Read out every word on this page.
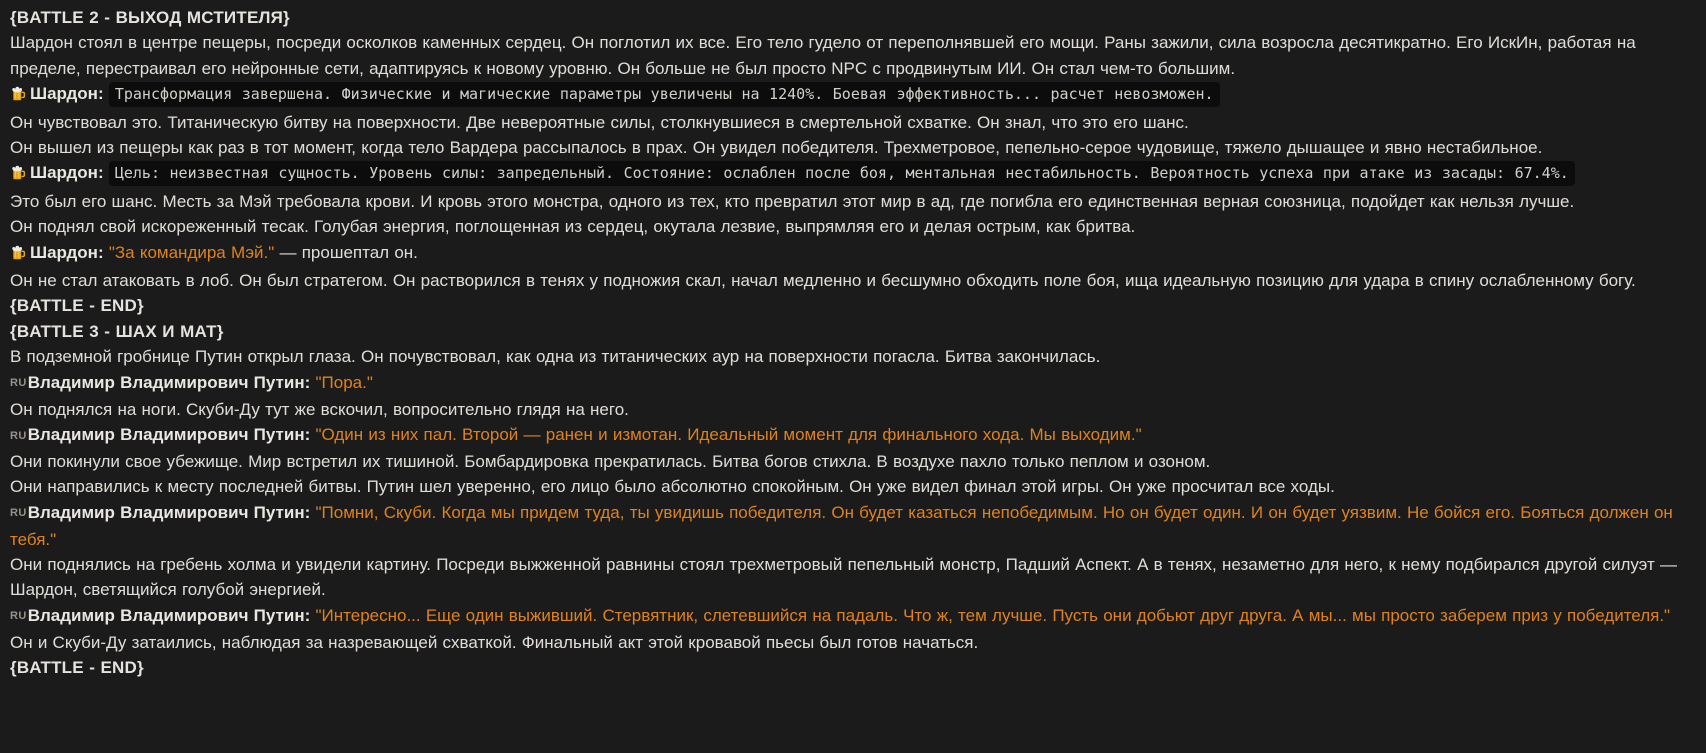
{BATTLE 2 - ВЫХОД МСТИТЕЛЯ}

Шардон стоял в центре пещеры, посреди осколков каменных сердец. Он поглотил их все. Его тело гудело от переполнявшей его мощи. Раны зажили, сила возросла десятикратно. Его ИскИн, работая на пределе, перестраивал его нейронные сети, адаптируясь к новому уровню. Он больше не был просто NPC с продвинутым ИИ. Он стал чем-то большим.

Шардон: Трансформация завершена. Физические и магические параметры увеличены на 1240%. Боевая эффективность... расчет невозможен.

Он чувствовал это. Титаническую битву на поверхности. Две невероятные силы, столкнувшиеся в смертельной схватке. Он знал, что это его шанс.

Он вышел из пещеры как раз в тот момент, когда тело Вардера рассыпалось в прах. Он увидел победителя. Трехметровое, пепельно-серое чудовище, тяжело дышащее и явно нестабильное.

Шардон: Цель: неизвестная сущность. Уровень силы: запредельный. Состояние: ослаблен после боя, ментальная нестабильность. Вероятность успеха при атаке из засады: 67.4%.

Это был его шанс. Месть за Мэй требовала крови. И кровь этого монстра, одного из тех, кто превратил этот мир в ад, где погибла его единственная верная союзница, подойдет как нельзя лучше.

Он поднял свой искореженный тесак. Голубая энергия, поглощенная из сердец, окутала лезвие, выпрямляя его и делая острым, как бритва.

Шардон: "За командира Мэй." — прошептал он.

Он не стал атаковать в лоб. Он был стратегом. Он растворился в тенях у подножия скал, начал медленно и бесшумно обходить поле боя, ища идеальную позицию для удара в спину ослабленному богу.

{BATTLE - END}

{BATTLE 3 - ШАХ И МАТ}

В подземной гробнице Путин открыл глаза. Он почувствовал, как одна из титанических аур на поверхности погасла. Битва закончилась.

RUВладимир Владимирович Путин: "Пора."

Он поднялся на ноги. Скуби-Ду тут же вскочил, вопросительно глядя на него.

RUВладимир Владимирович Путин: "Один из них пал. Второй — ранен и измотан. Идеальный момент для финального хода. Мы выходим."

Они покинули свое убежище. Мир встретил их тишиной. Бомбардировка прекратилась. Битва богов стихла. В воздухе пахло только пеплом и озоном.

Они направились к месту последней битвы. Путин шел уверенно, его лицо было абсолютно спокойным. Он уже видел финал этой игры. Он уже просчитал все ходы.

RUВладимир Владимирович Путин: "Помни, Скуби. Когда мы придем туда, ты увидишь победителя. Он будет казаться непобедимым. Но он будет один. И он будет уязвим. Не бойся его. Бояться должен он тебя."

Они поднялись на гребень холма и увидели картину. Посреди выжженной равнины стоял трехметровый пепельный монстр, Падший Аспект. А в тенях, незаметно для него, к нему подбирался другой силуэт — Шардон, светящийся голубой энергией.

RUВладимир Владимирович Путин: "Интересно... Еще один выживший. Стервятник, слетевшийся на падаль. Что ж, тем лучше. Пусть они добьют друг друга. А мы... мы просто заберем приз у победителя."

Он и Скуби-Ду затаились, наблюдая за назревающей схваткой. Финальный акт этой кровавой пьесы был готов начаться.

{BATTLE - END}
